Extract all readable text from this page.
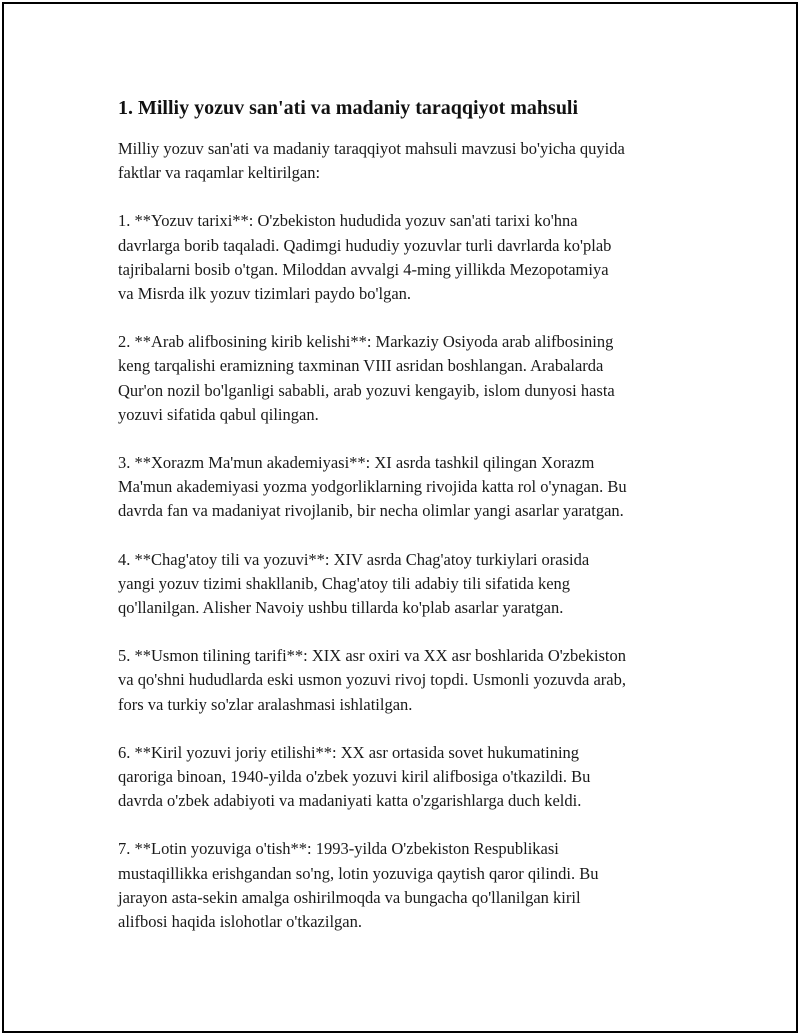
1. Milliy yozuv san'ati va madaniy taraqqiyot mahsuli

Milliy yozuv san'ati va madaniy taraqqiyot mahsuli mavzusi bo'yicha quyida
faktlar va raqamlar keltirilgan:

1. **Yozuv tarixi**: O'zbekiston hududida yozuv san'ati tarixi ko'hna
davrlarga borib taqaladi. Qadimgi hududiy yozuvlar turli davrlarda ko'plab
tajribalarni bosib o'tgan. Miloddan avvalgi 4-ming yillikda Mezopotamiya
va Misrda ilk yozuv tizimlari paydo bo'lgan.

2. **Arab alifbosining kirib kelishi**: Markaziy Osiyoda arab alifbosining
keng tarqalishi eramizning taxminan VIII asridan boshlangan. Arabalarda
Qur'on nozil bo'lganligi sababli, arab yozuvi kengayib, islom dunyosi hasta
yozuvi sifatida qabul qilingan.

3. **Xorazm Ma'mun akademiyasi**: XI asrda tashkil qilingan Xorazm
Ma'mun akademiyasi yozma yodgorliklarning rivojida katta rol o'ynagan. Bu
davrda fan va madaniyat rivojlanib, bir necha olimlar yangi asarlar yaratgan.

4. **Chag'atoy tili va yozuvi**: XIV asrda Chag'atoy turkiylari orasida
yangi yozuv tizimi shakllanib, Chag'atoy tili adabiy tili sifatida keng
qo'llanilgan. Alisher Navoiy ushbu tillarda ko'plab asarlar yaratgan.

5. **Usmon tilining tarifi**: XIX asr oxiri va XX asr boshlarida O'zbekiston
va qo'shni hududlarda eski usmon yozuvi rivoj topdi. Usmonli yozuvda arab,
fors va turkiy so'zlar aralashmasi ishlatilgan.

6. **Kiril yozuvi joriy etilishi**: XX asr ortasida sovet hukumatining
qaroriga binoan, 1940-yilda o'zbek yozuvi kiril alifbosiga o'tkazildi. Bu
davrda o'zbek adabiyoti va madaniyati katta o'zgarishlarga duch keldi.

7. **Lotin yozuviga o'tish**: 1993-yilda O'zbekiston Respublikasi
mustaqillikka erishgandan so'ng, lotin yozuviga qaytish qaror qilindi. Bu
jarayon asta-sekin amalga oshirilmoqda va bungacha qo'llanilgan kiril
alifbosi haqida islohotlar o'tkazilgan.
